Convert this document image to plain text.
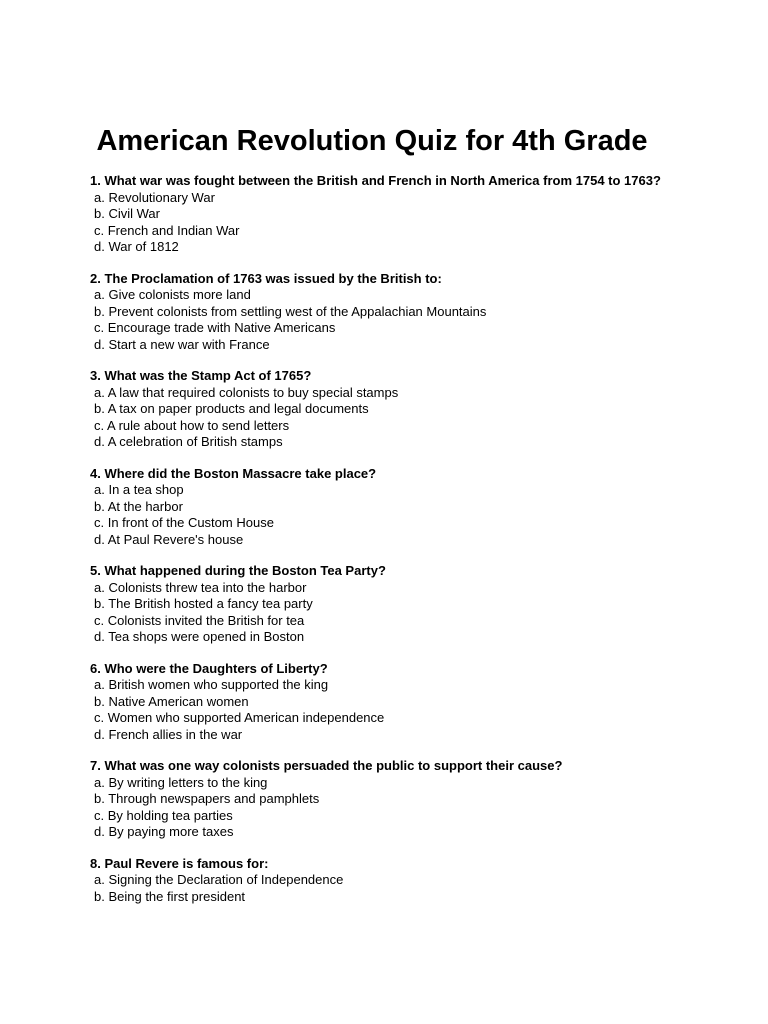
American Revolution Quiz for 4th Grade

1. What war was fought between the British and French in North America from 1754 to 1763?

a. Revolutionary War
b. Civil War
c. French and Indian War
d. War of 1812

2. The Proclamation of 1763 was issued by the British to:

a. Give colonists more land
b. Prevent colonists from settling west of the Appalachian Mountains
c. Encourage trade with Native Americans
d. Start a new war with France

3. What was the Stamp Act of 1765?

a. A law that required colonists to buy special stamps
b. A tax on paper products and legal documents
c. A rule about how to send letters
d. A celebration of British stamps

4. Where did the Boston Massacre take place?

a. In a tea shop
b. At the harbor
c. In front of the Custom House
d. At Paul Revere's house

5. What happened during the Boston Tea Party?

a. Colonists threw tea into the harbor
b. The British hosted a fancy tea party
c. Colonists invited the British for tea
d. Tea shops were opened in Boston

6. Who were the Daughters of Liberty?

a. British women who supported the king
b. Native American women
c. Women who supported American independence
d. French allies in the war

7. What was one way colonists persuaded the public to support their cause?

a. By writing letters to the king
b. Through newspapers and pamphlets
c. By holding tea parties
d. By paying more taxes

8. Paul Revere is famous for:

a. Signing the Declaration of Independence
b. Being the first president
